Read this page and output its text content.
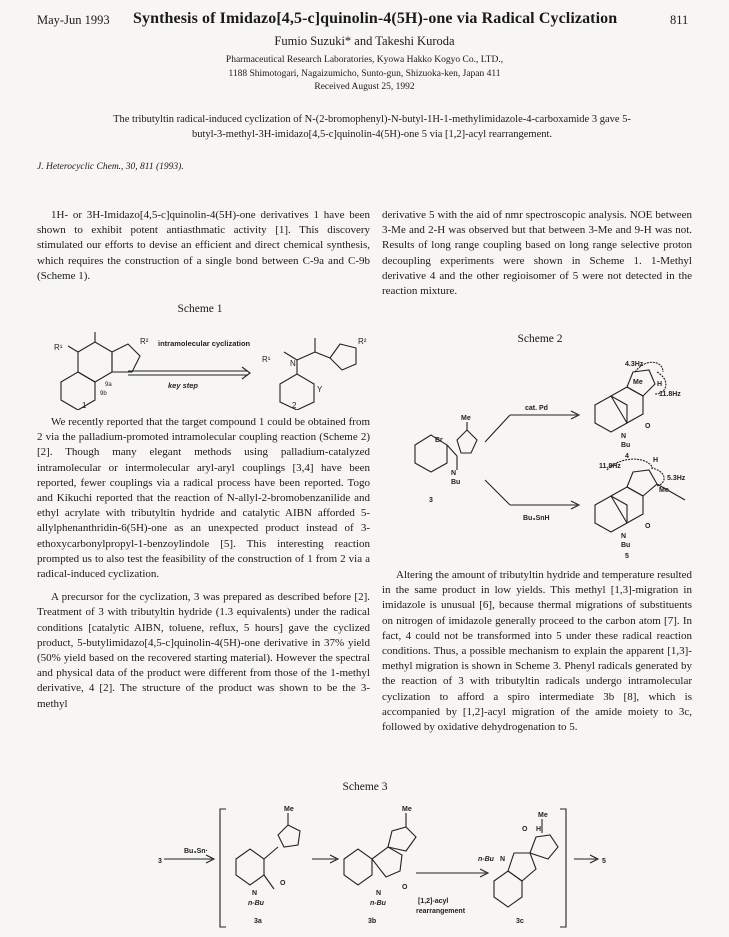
May-Jun 1993 Synthesis of Imidazo[4,5-c]quinolin-4(5H)-one via Radical Cyclization	811
Fumio Suzuki* and Takeshi Kuroda
Pharmaceutical Research Laboratories, Kyowa Hakko Kogyo Co., LTD.,
1188 Shimotogari, Nagaizumicho, Sunto-gun, Shizuoka-ken, Japan 411
Received August 25, 1992
The tributyltin radical-induced cyclization of N-(2-bromophenyl)-N-butyl-1H-1-methylimidazole-4-carboxamide 3 gave 5-butyl-3-methyl-3H-imidazo[4,5-c]quinolin-4(5H)-one 5 via [1,2]-acyl rearrangement.
J. Heterocyclic Chem., 30, 811 (1993).

1H- or 3H-Imidazo[4,5-c]quinolin-4(5H)-one derivatives 1 have been shown to exhibit potent antiasthmatic activity [1]. This discovery stimulated our efforts to devise an efficient and direct chemical synthesis, which requires the construction of a single bond between C-9a and C-9b (Scheme 1).

We recently reported that the target compound 1 could be obtained from 2 via the palladium-promoted intramolecular coupling reaction (Scheme 2) [2]. Though many elegant methods using palladium-catalyzed intramolecular or intermolecular aryl-aryl couplings [3,4] have been reported, fewer couplings via a radical process have been reported. Togo and Kikuchi reported that the reaction of N-allyl-2-bromobenzanilide and ethyl acrylate with tributyltin hydride and catalytic AIBN afforded 5-allylphenanthridin-6(5H)-one as an unexpected product instead of 3-ethoxycarbonylpropyl-1-benzoylindole [5]. This interesting reaction prompted us to also test the feasibility of the construction of 1 from 2 via a radical-induced cyclization.

A precursor for the cyclization, 3 was prepared as described before [2]. Treatment of 3 with tributyltin hydride (1.3 equivalents) under the radical conditions [catalytic AIBN, toluene, reflux, 5 hours] gave the cyclized product, 5-butylimidazo[4,5-c]quinolin-4(5H)-one derivative in 37% yield (50% yield based on the recovered starting material). However the spectral and physical data of the product were different from those of the 1-methyl derivative, 4 [2]. The structure of the product was shown to be the 3-methyl

derivative 5 with the aid of nmr spectroscopic analysis. NOE between 3-Me and 2-H was observed but that between 3-Me and 9-H was not. Results of long range coupling based on long range selective proton decoupling experiments were shown in Scheme 1. 1-Methyl derivative 4 and the other regioisomer of 5 were not detected in the reaction mixture.

Altering the amount of tributyltin hydride and temperature resulted in the same product in low yields. This methyl [1,3]-migration in imidazole is unusual [6], because thermal migrations of substituents on nitrogen of imidazole generally proceed to the carbon atom [7]. In fact, 4 could not be transformed into 5 under these radical reaction conditions. Thus, a possible mechanism to explain the apparent [1,3]-methyl migration is shown in Scheme 3. Phenyl radicals generated by the reaction of 3 with tributyltin radicals undergo intramolecular cyclization to afford a spiro intermediate 3b [8], which is accompanied by [1,2]-acyl migration of the amide moiety to 3c, followed by oxidative dehydrogenation to 5.

Scheme 1
R¹
R²
9a
9b
intramolecular cyclization
key step
1
R¹ N
R²
Y
2
Scheme 2
Br
Me
N
Bu
3
cat. Pd
Bu₃SnH
4.3Hz
Me H
11.8Hz
O
N
Bu
4
11.8Hz
H
5.3Hz
Me
O
N
Bu
5
Scheme 3
3
Bu₃Sn·
Me
O
N
n-Bu
3a
Me
O
N
n-Bu
3b
[1,2]-acyl
rearrangement
Me
O H
n-Bu N
3c
5
